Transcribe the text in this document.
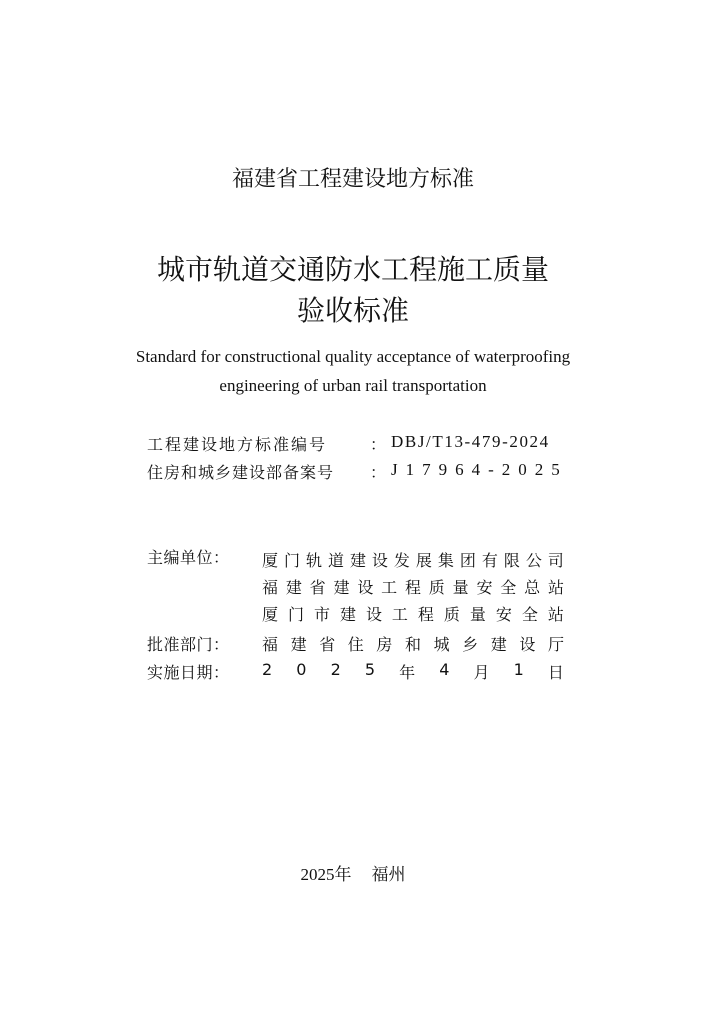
福建省工程建设地方标准
城市轨道交通防水工程施工质量
验收标准
Standard for constructional quality acceptance of waterproofing
engineering of urban rail transportation
工程建设地方标准编号	： DBJ/T13-479-2024
住房和城乡建设部备案号 ： J17964-2025
主编单位： 厦 门 轨 道 建 设 发 展 集 团 有 限 公 司
福 建 省 建 设 工 程 质 量 安 全 总 站
厦 门 市 建 设 工 程 质 量 安 全 站
批准部门： 福 建 省 住 房 和 城 乡 建 设 厅
实施日期： 2 0 2 5 年 4 月 1 日
2025年 福州
